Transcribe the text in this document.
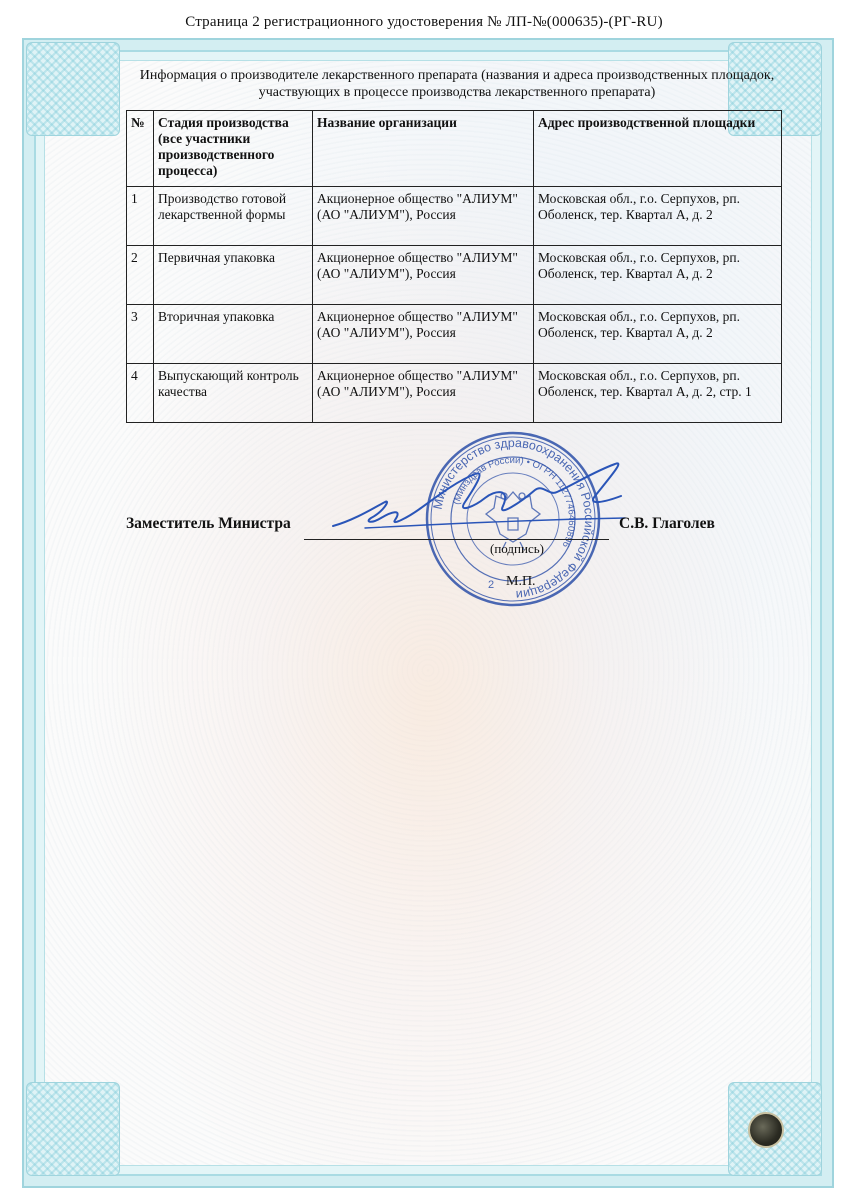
Страница 2 регистрационного удостоверения № ЛП-№(000635)-(РГ-RU)
Информация о производителе лекарственного препарата (названия и адреса производственных площадок,
участвующих в процессе производства лекарственного препарата)
№	Стадия производства (все участники производственного процесса)	Название организации	Адрес производственной площадки
1	Производство готовой лекарственной формы	Акционерное общество "АЛИУМ" (АО "АЛИУМ"), Россия	Московская обл., г.о. Серпухов, рп. Оболенск, тер. Квартал А, д. 2
2	Первичная упаковка	Акционерное общество "АЛИУМ" (АО "АЛИУМ"), Россия	Московская обл., г.о. Серпухов, рп. Оболенск, тер. Квартал А, д. 2
3	Вторичная упаковка	Акционерное общество "АЛИУМ" (АО "АЛИУМ"), Россия	Московская обл., г.о. Серпухов, рп. Оболенск, тер. Квартал А, д. 2
4	Выпускающий контроль качества	Акционерное общество "АЛИУМ" (АО "АЛИУМ"), Россия	Московская обл., г.о. Серпухов, рп. Оболенск, тер. Квартал А, д. 2, стр. 1
Министерство здравоохранения Российской Федерации
(Минздрав России) • ОГРН 1127746460896
2
Заместитель Министра	С.В. Глаголев
(подпись)
М.П.
